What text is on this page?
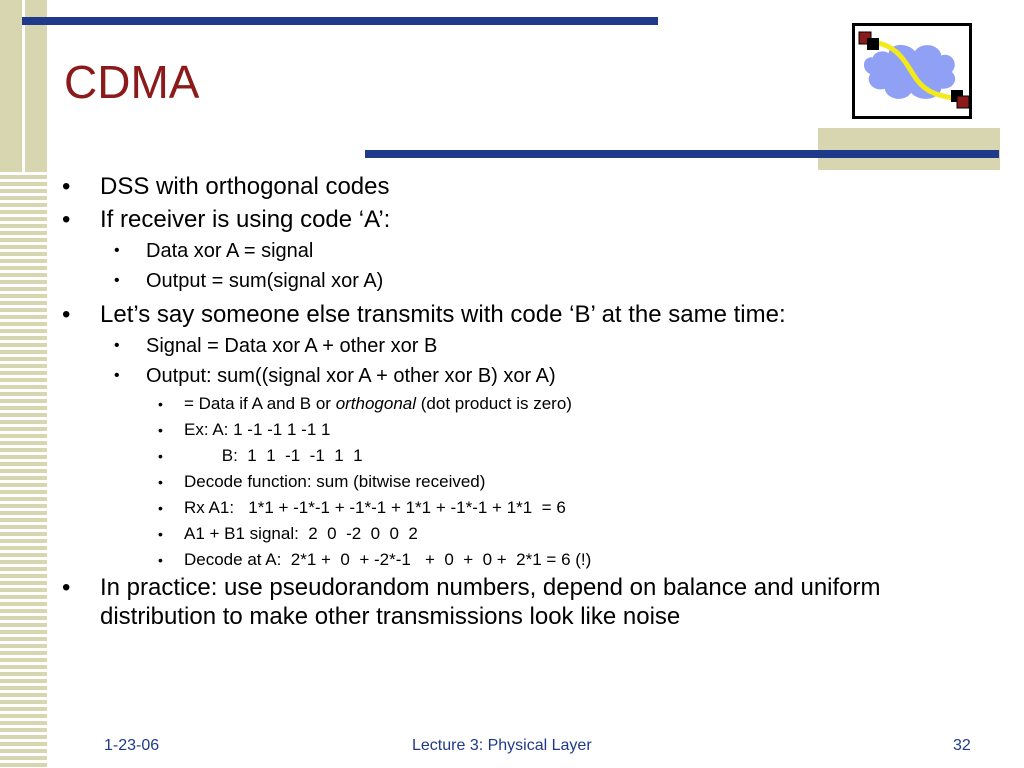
CDMA
• DSS with orthogonal codes
• If receiver is using code ‘A’:
• Data xor A = signal
• Output = sum(signal xor A)
• Let’s say someone else transmits with code ‘B’ at the same time:
• Signal = Data xor A + other xor B
• Output: sum((signal xor A + other xor B) xor A)
• = Data if A and B or orthogonal (dot product is zero)
• Ex: A: 1 -1 -1 1 -1 1
• B:  1  1  -1  -1  1  1
• Decode function: sum (bitwise received)
• Rx A1:   1*1 + -1*-1 + -1*-1 + 1*1 + -1*-1 + 1*1  = 6
• A1 + B1 signal:  2  0  -2  0  0  2
• Decode at A:  2*1 +  0  + -2*-1   +  0  +  0 +  2*1 = 6 (!)
• In practice: use pseudorandom numbers, depend on balance and uniform distribution to make other transmissions look like noise
1-23-06	Lecture 3: Physical Layer	32
